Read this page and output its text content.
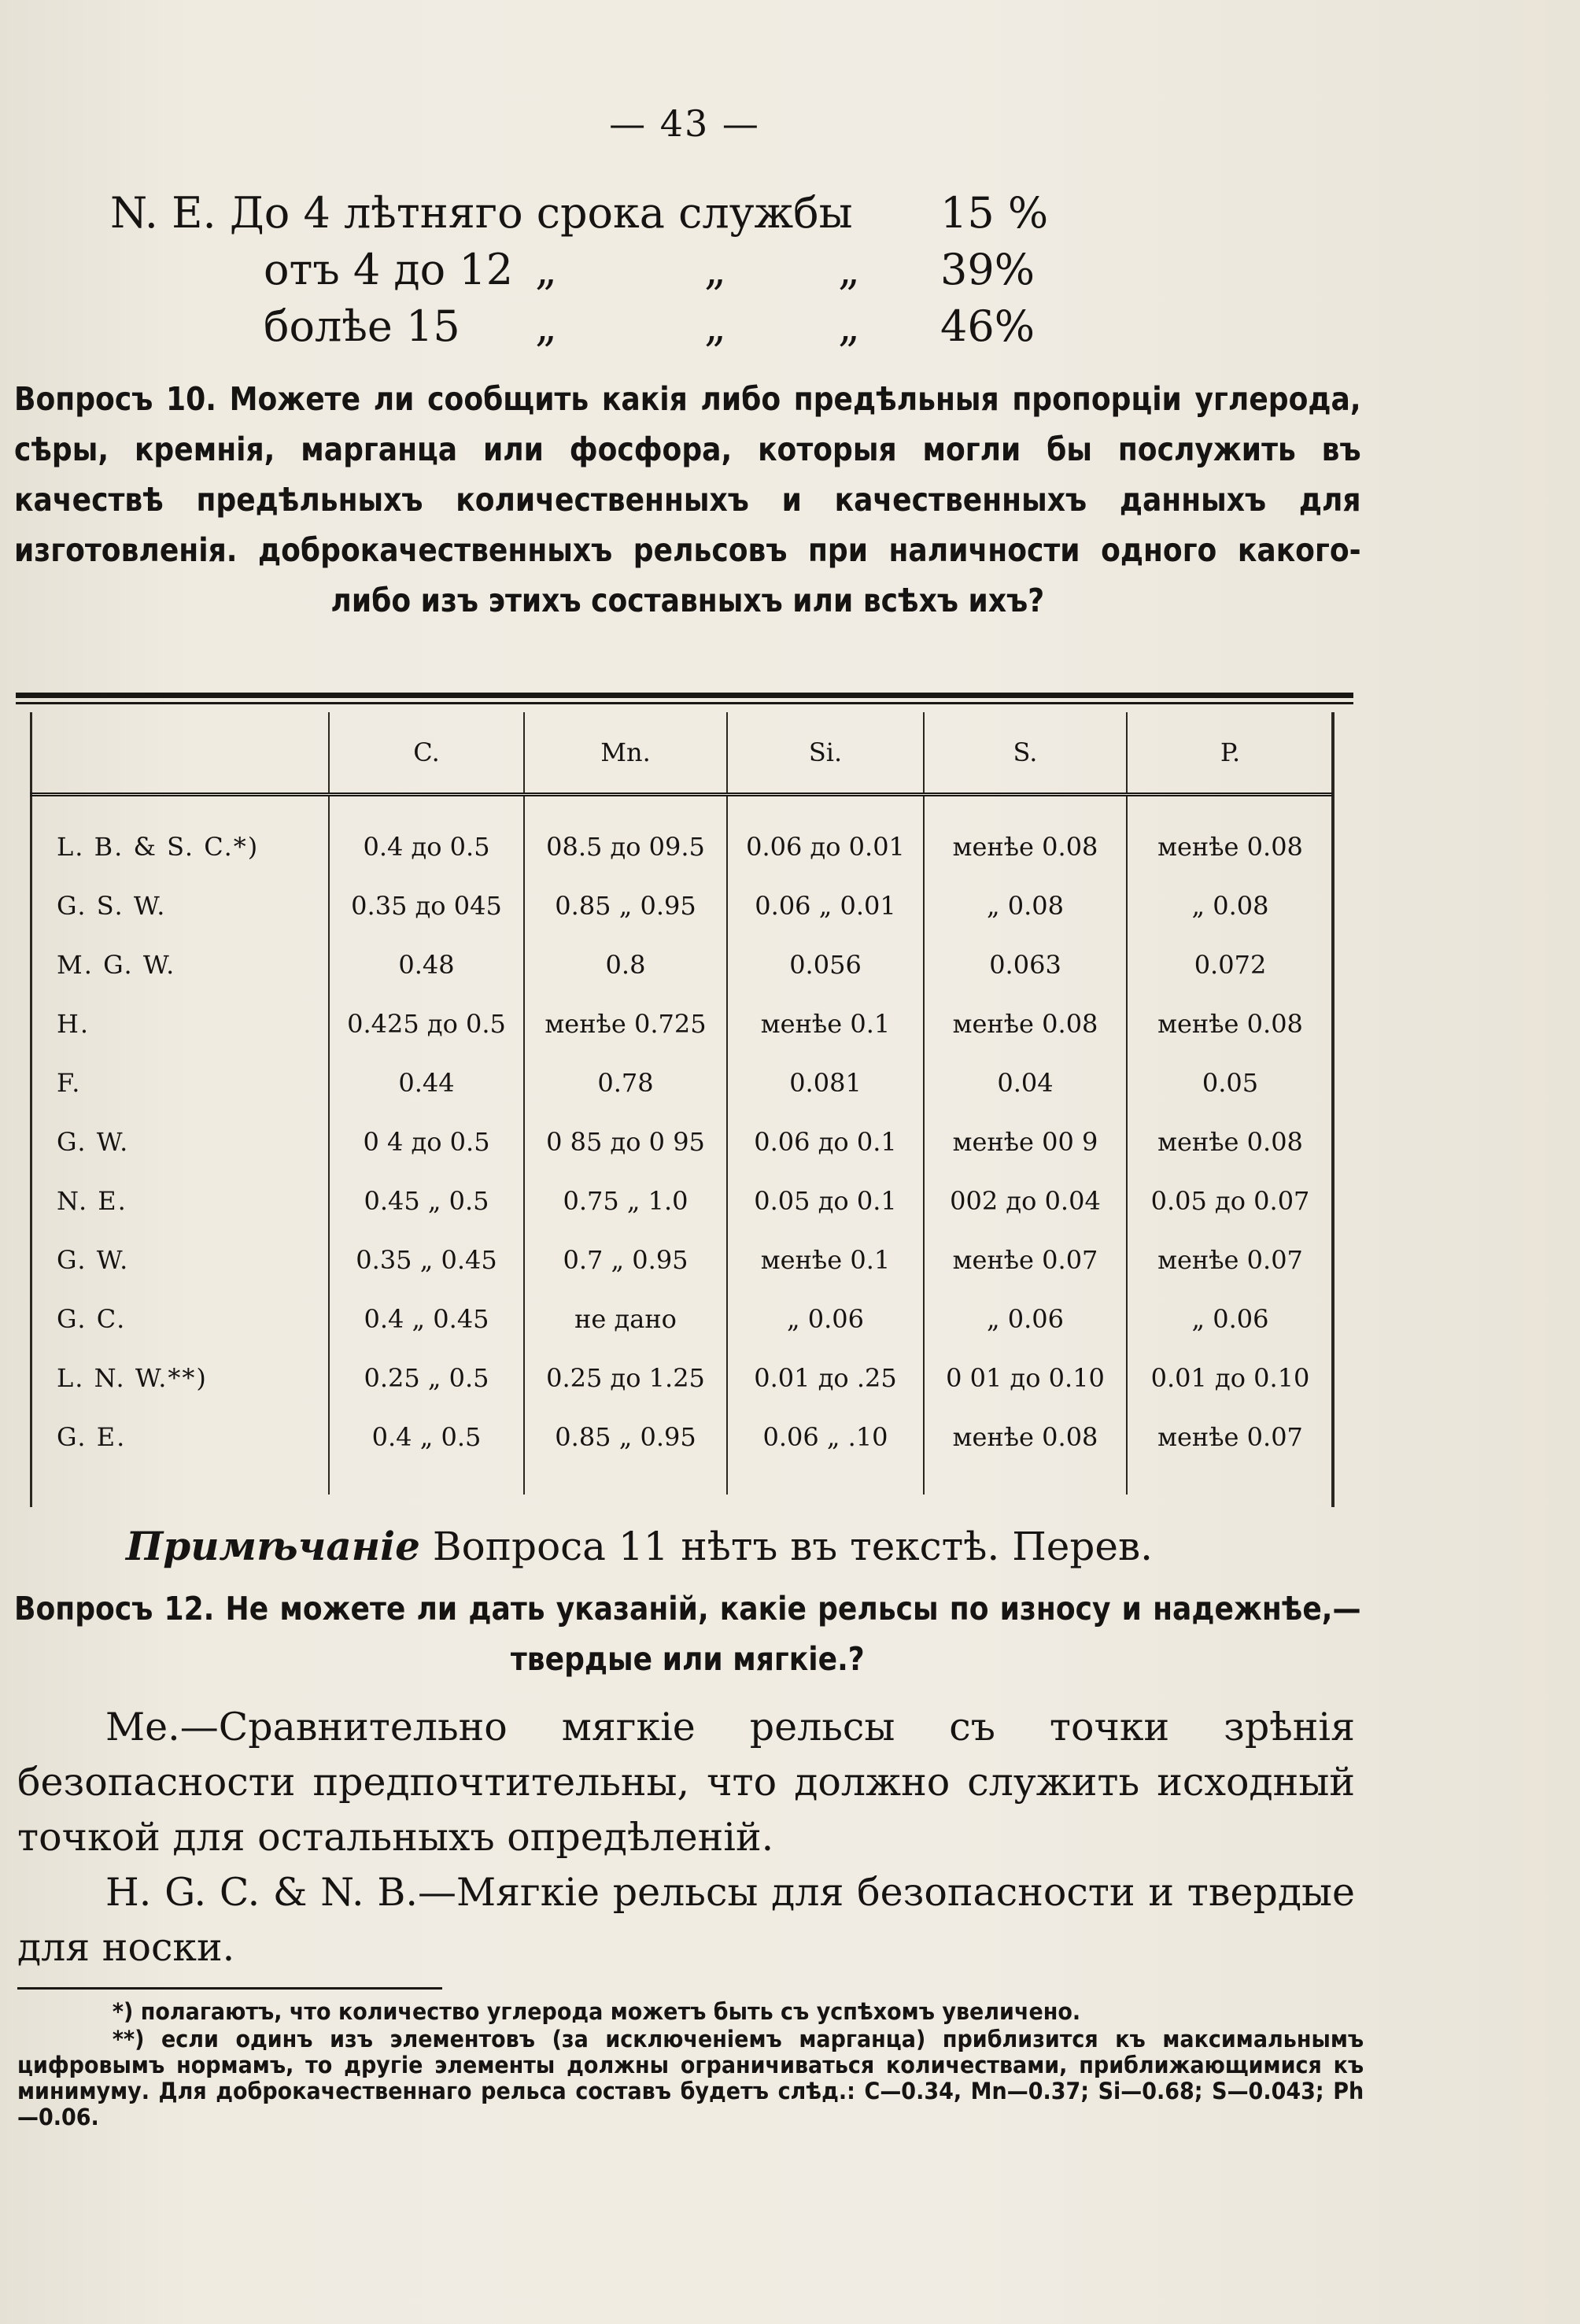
— 43 —
N. E. До 4 лѣтняго срока службы 15 %
отъ 4 до 12 „	„	„ 39%
болѣе 15 „	„	„ 46%
Вопросъ 10. Можете ли сообщить какія либо предѣльныя пропорціи углерода, сѣры, кремнія, марганца или фосфора, которыя могли бы послужить въ качествѣ предѣльныхъ количественныхъ и качественныхъ данныхъ для изготовленія. доброкачественныхъ рельсовъ при наличности одного какого-либо изъ этихъ составныхъ или всѣхъ ихъ?
	C.	Mn.	Si.	S.	P.

L. B. & S. C.*)	0.4 до 0.5	08.5 до 09.5	0.06 до 0.01	менѣе 0.08	менѣе 0.08
G. S. W.	0.35 до 045	0.85 „ 0.95	0.06 „ 0.01	„ 0.08	„ 0.08
M. G. W.	0.48	0.8	0.056	0.063	0.072
H.	0.425 до 0.5	менѣе 0.725	менѣе 0.1	менѣе 0.08	менѣе 0.08
F.	0.44	0.78	0.081	0.04	0.05
G. W.	0 4 до 0.5	0 85 до 0 95	0.06 до 0.1	менѣе 00 9	менѣе 0.08
N. E.	0.45 „ 0.5	0.75 „ 1.0	0.05 до 0.1	002 до 0.04	0.05 до 0.07
G. W.	0.35 „ 0.45	0.7 „ 0.95	менѣе 0.1	менѣе 0.07	менѣе 0.07
G. C.	0.4 „ 0.45	не дано	„ 0.06	„ 0.06	„ 0.06
L. N. W.**)	0.25 „ 0.5	0.25 до 1.25	0.01 до .25	0 01 до 0.10	0.01 до 0.10
G. E.	0.4 „ 0.5	0.85 „ 0.95	0.06 „ .10	менѣе 0.08	менѣе 0.07

Примѣчаніе Вопроса 11 нѣтъ въ текстѣ. Перев.
Вопросъ 12. Не можете ли дать указаній, какіе рельсы по износу и надежнѣе,—твердые или мягкіе.?
Me.—Сравнительно мягкіе рельсы съ точки зрѣнія безопасности предпочтительны, что должно служить исходный точкой для остальныхъ опредѣленій.
H. G. C. & N. B.—Мягкіе рельсы для безопасности и твердые для носки.
*) полагаютъ, что количество углерода можетъ быть съ успѣхомъ увеличено.
**) если одинъ изъ элементовъ (за исключеніемъ марганца) приблизится къ максимальнымъ цифровымъ нормамъ, то другіе элементы должны ограничиваться количествами, приближающимися къ минимуму. Для доброкачественнаго рельса составъ будетъ слѣд.: C—0.34, Mn—0.37; Si—0.68; S—0.043; Ph—0.06.
